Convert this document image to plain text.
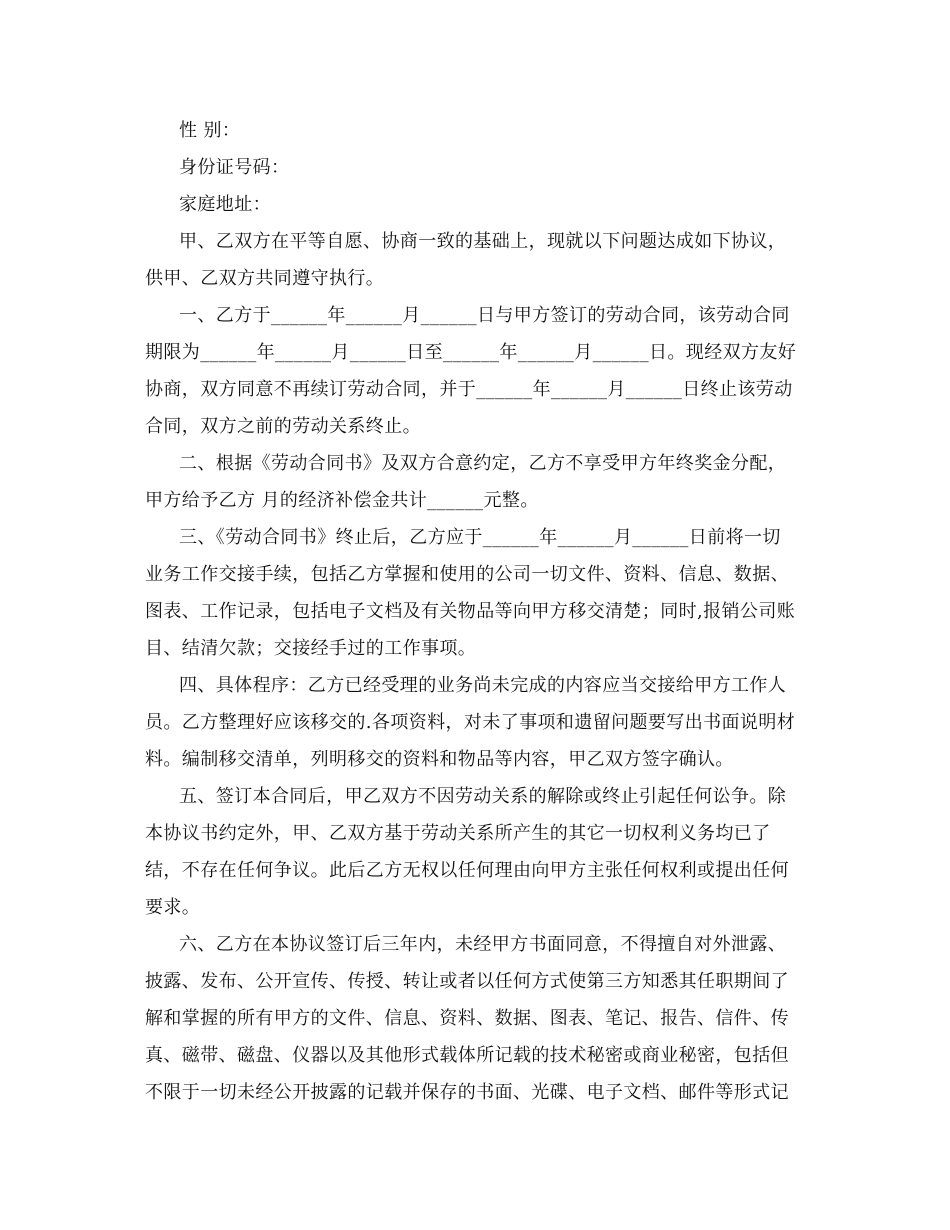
性 别：
身份证号码：
家庭地址：
甲、乙双方在平等自愿、协商一致的基础上，现就以下问题达成如下协议，
供甲、乙双方共同遵守执行。
一、乙方于______年______月______日与甲方签订的劳动合同，该劳动合同
期限为______年______月______日至______年______月______日。现经双方友好
协商，双方同意不再续订劳动合同，并于______年______月______日终止该劳动
合同，双方之前的劳动关系终止。
二、根据《劳动合同书》及双方合意约定，乙方不享受甲方年终奖金分配，
甲方给予乙方 月的经济补偿金共计______元整。
三、《劳动合同书》终止后，乙方应于______年______月______日前将一切
业务工作交接手续，包括乙方掌握和使用的公司一切文件、资料、信息、数据、
图表、工作记录，包括电子文档及有关物品等向甲方移交清楚；同时,报销公司账
目、结清欠款；交接经手过的工作事项。
四、具体程序：乙方已经受理的业务尚未完成的内容应当交接给甲方工作人
员。乙方整理好应该移交的.各项资料，对未了事项和遗留问题要写出书面说明材
料。编制移交清单，列明移交的资料和物品等内容，甲乙双方签字确认。
五、签订本合同后，甲乙双方不因劳动关系的解除或终止引起任何讼争。除
本协议书约定外，甲、乙双方基于劳动关系所产生的其它一切权利义务均已了
结，不存在任何争议。此后乙方无权以任何理由向甲方主张任何权利或提出任何
要求。
六、乙方在本协议签订后三年内，未经甲方书面同意，不得擅自对外泄露、
披露、发布、公开宣传、传授、转让或者以任何方式使第三方知悉其任职期间了
解和掌握的所有甲方的文件、信息、资料、数据、图表、笔记、报告、信件、传
真、磁带、磁盘、仪器以及其他形式载体所记载的技术秘密或商业秘密，包括但
不限于一切未经公开披露的记载并保存的书面、光碟、电子文档、邮件等形式记
